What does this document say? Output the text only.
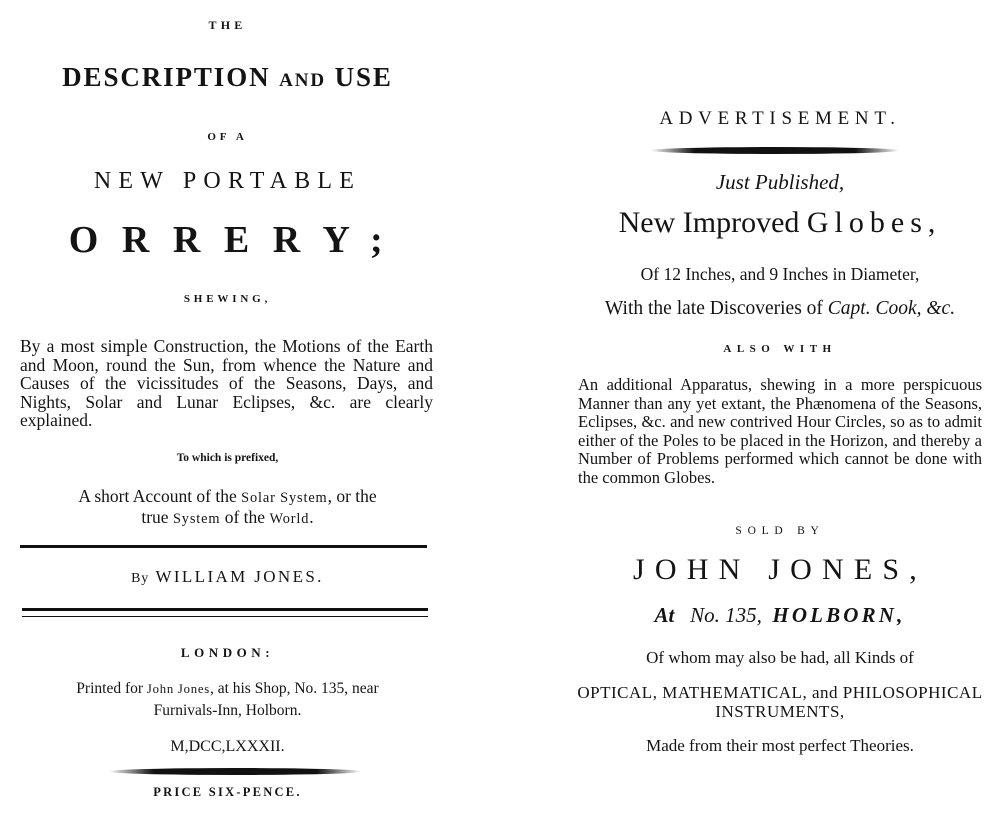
THE
DESCRIPTION AND USE
OF A
NEW PORTABLE
ORRERY;
SHEWING,
By a most simple Construction, the Motions of the Earth and Moon, round the Sun, from whence the Nature and Causes of the vicissitudes of the Seasons, Days, and Nights, Solar and Lunar Eclipses, &c. are clearly explained.
To which is prefixed,
A short Account of the Solar System, or the
true System of the World.
By WILLIAM JONES.
LONDON:
Printed for John Jones, at his Shop, No. 135, near
Furnivals-Inn, Holborn.
M,DCC,LXXXII.
PRICE SIX-PENCE.
ADVERTISEMENT.
Just Published,
New Improved Globes,
Of 12 Inches, and 9 Inches in Diameter,
With the late Discoveries of Capt. Cook, &c.
ALSO WITH
An additional Apparatus, shewing in a more perspicuous Manner than any yet extant, the Phænomena of the Seasons, Eclipses, &c. and new contrived Hour Circles, so as to admit either of the Poles to be placed in the Horizon, and thereby a Number of Problems performed which cannot be done with the common Globes.
SOLD BY
JOHN JONES,
At No. 135, HOLBORN,
Of whom may also be had, all Kinds of
OPTICAL, MATHEMATICAL, and PHILOSOPHICAL INSTRUMENTS,
Made from their most perfect Theories.
